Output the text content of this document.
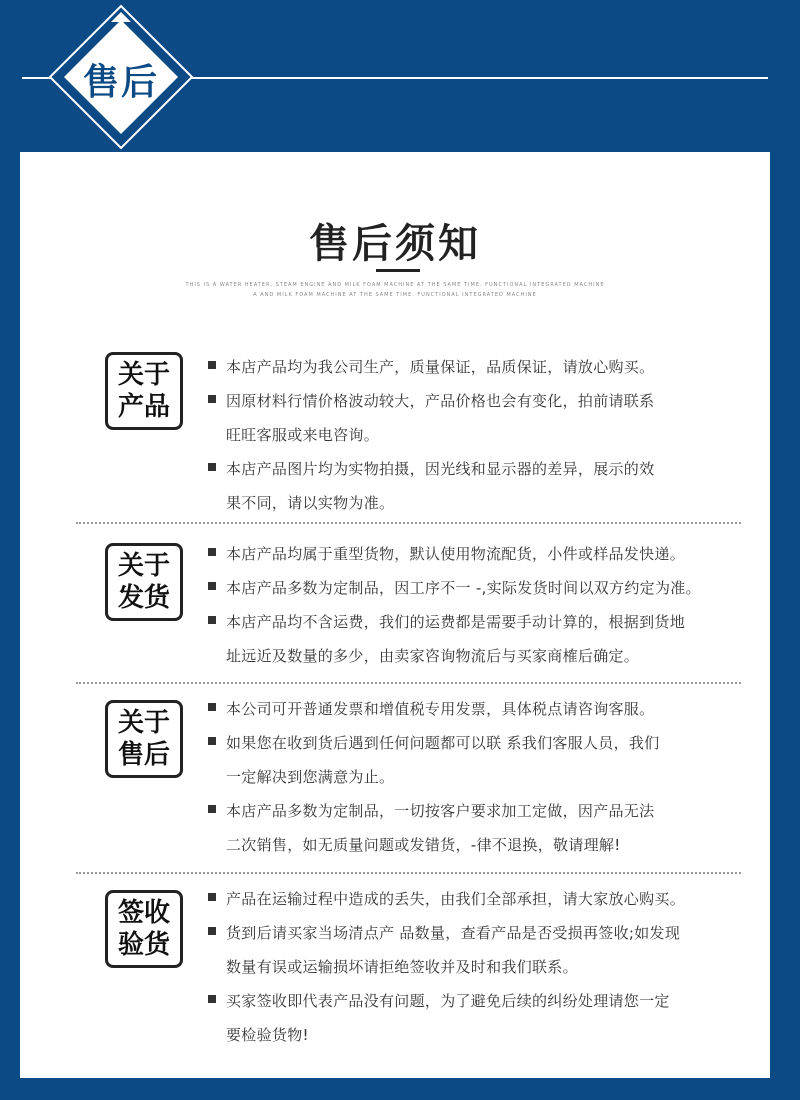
售后
售后须知
THIS IS A WATER HEATER, STEAM ENGINE AND MILK FOAM MACHINE AT THE SAME TIME. FUNCTIONAL INTEGRATED MACHINE
A AND MILK FOAM MACHINE AT THE SAME TIME. FUNCTIONAL INTEGRATED MACHINE
关于
产品
本店产品均为我公司生产，质量保证，品质保证，请放心购买。
因原材料行情价格波动较大，产品价格也会有变化，拍前请联系
旺旺客服或来电咨询。
本店产品图片均为实物拍摄，因光线和显示器的差异，展示的效
果不同，请以实物为准。
关于
发货
本店产品均属于重型货物，默认使用物流配货，小件或样品发快递。
本店产品多数为定制品，因工序不一 -,实际发货时间以双方约定为准。
本店产品均不含运费，我们的运费都是需要手动计算的，根据到货地
址远近及数量的多少，由卖家咨询物流后与买家商榷后确定。
关于
售后
本公司可开普通发票和增值税专用发票，具体税点请咨询客服。
如果您在收到货后遇到任何问题都可以联 系我们客服人员，我们
一定解决到您满意为止。
本店产品多数为定制品，一切按客户要求加工定做，因产品无法
二次销售，如无质量问题或发错货，-律不退换，敬请理解!
签收
验货
产品在运输过程中造成的丢失，由我们全部承担，请大家放心购买。
货到后请买家当场清点产 品数量，查看产品是否受损再签收;如发现
数量有误或运输损坏请拒绝签收并及时和我们联系。
买家签收即代表产品没有问题，为了避免后续的纠纷处理请您一定
要检验货物!
